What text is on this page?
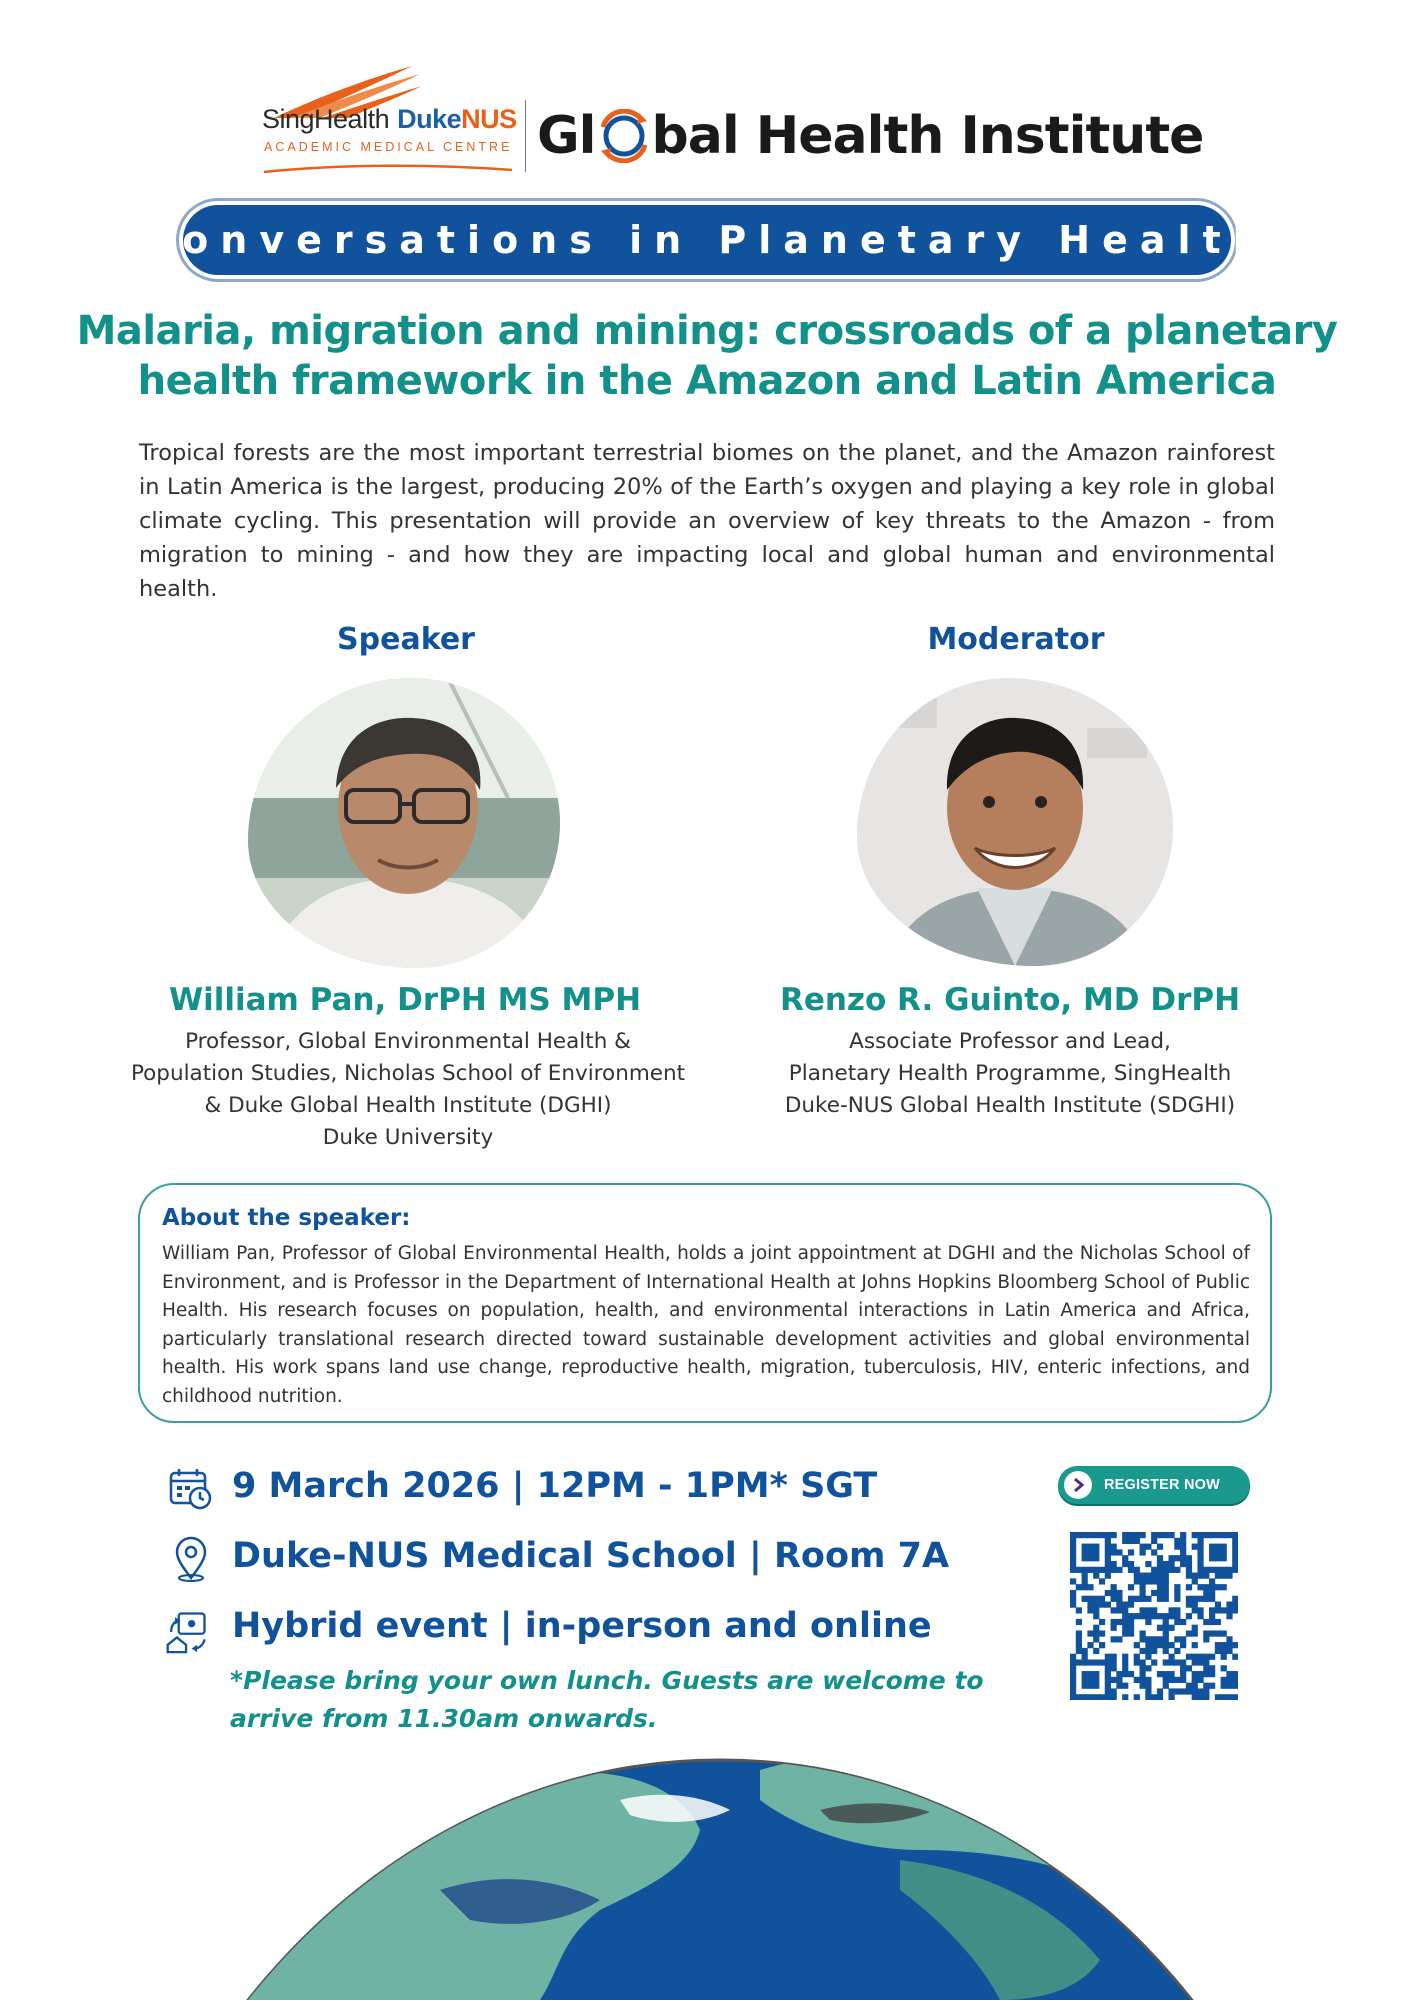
SingHealth DukeNUS
ACADEMIC MEDICAL CENTRE Gl bal Health Institute
Conversations in Planetary Health
Malaria, migration and mining: crossroads of a planetary
health framework in the Amazon and Latin America
Tropical forests are the most important terrestrial biomes on the planet, and the Amazon rainforest in Latin America is the largest, producing 20% of the Earth’s oxygen and playing a key role in global climate cycling. This presentation will provide an overview of key threats to the Amazon - from migration to mining - and how they are impacting local and global human and environmental health.
Speaker	Moderator
William Pan, DrPH MS MPH	Renzo R. Guinto, MD DrPH
Professor, Global Environmental Health &
Population Studies, Nicholas School of Environment
& Duke Global Health Institute (DGHI)
Duke University
Associate Professor and Lead,
Planetary Health Programme, SingHealth
Duke-NUS Global Health Institute (SDGHI)
About the speaker:
William Pan, Professor of Global Environmental Health, holds a joint appointment at DGHI and the Nicholas School of Environment, and is Professor in the Department of International Health at Johns Hopkins Bloomberg School of Public Health. His research focuses on population, health, and environmental interactions in Latin America and Africa, particularly translational research directed toward sustainable development activities and global environmental health. His work spans land use change, reproductive health, migration, tuberculosis, HIV, enteric infections, and childhood nutrition.
9 March 2026 | 12PM - 1PM* SGT
Duke-NUS Medical School | Room 7A
Hybrid event | in-person and online
*Please bring your own lunch. Guests are welcome to arrive from 11.30am onwards.
REGISTER NOW
